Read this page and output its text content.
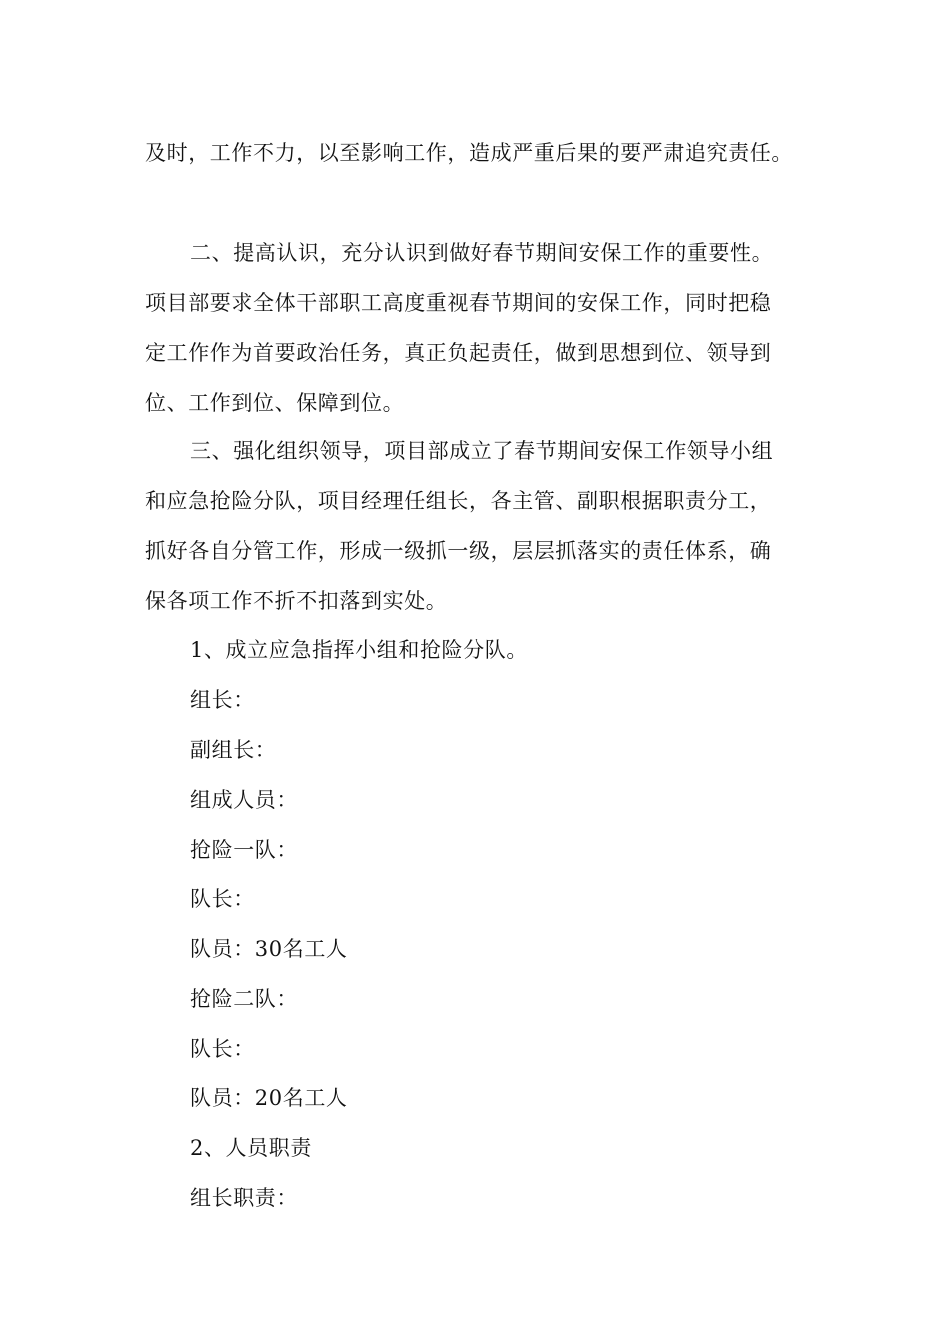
及时，工作不力，以至影响工作，造成严重后果的要严肃追究责任。
二、提高认识，充分认识到做好春节期间安保工作的重要性。
项目部要求全体干部职工高度重视春节期间的安保工作，同时把稳
定工作作为首要政治任务，真正负起责任，做到思想到位、领导到
位、工作到位、保障到位。
三、强化组织领导，项目部成立了春节期间安保工作领导小组
和应急抢险分队，项目经理任组长，各主管、副职根据职责分工，
抓好各自分管工作，形成一级抓一级，层层抓落实的责任体系，确
保各项工作不折不扣落到实处。
1、成立应急指挥小组和抢险分队。
组长：
副组长：
组成人员：
抢险一队：
队长：
队员：30名工人
抢险二队：
队长：
队员：20名工人
2、人员职责
组长职责：
